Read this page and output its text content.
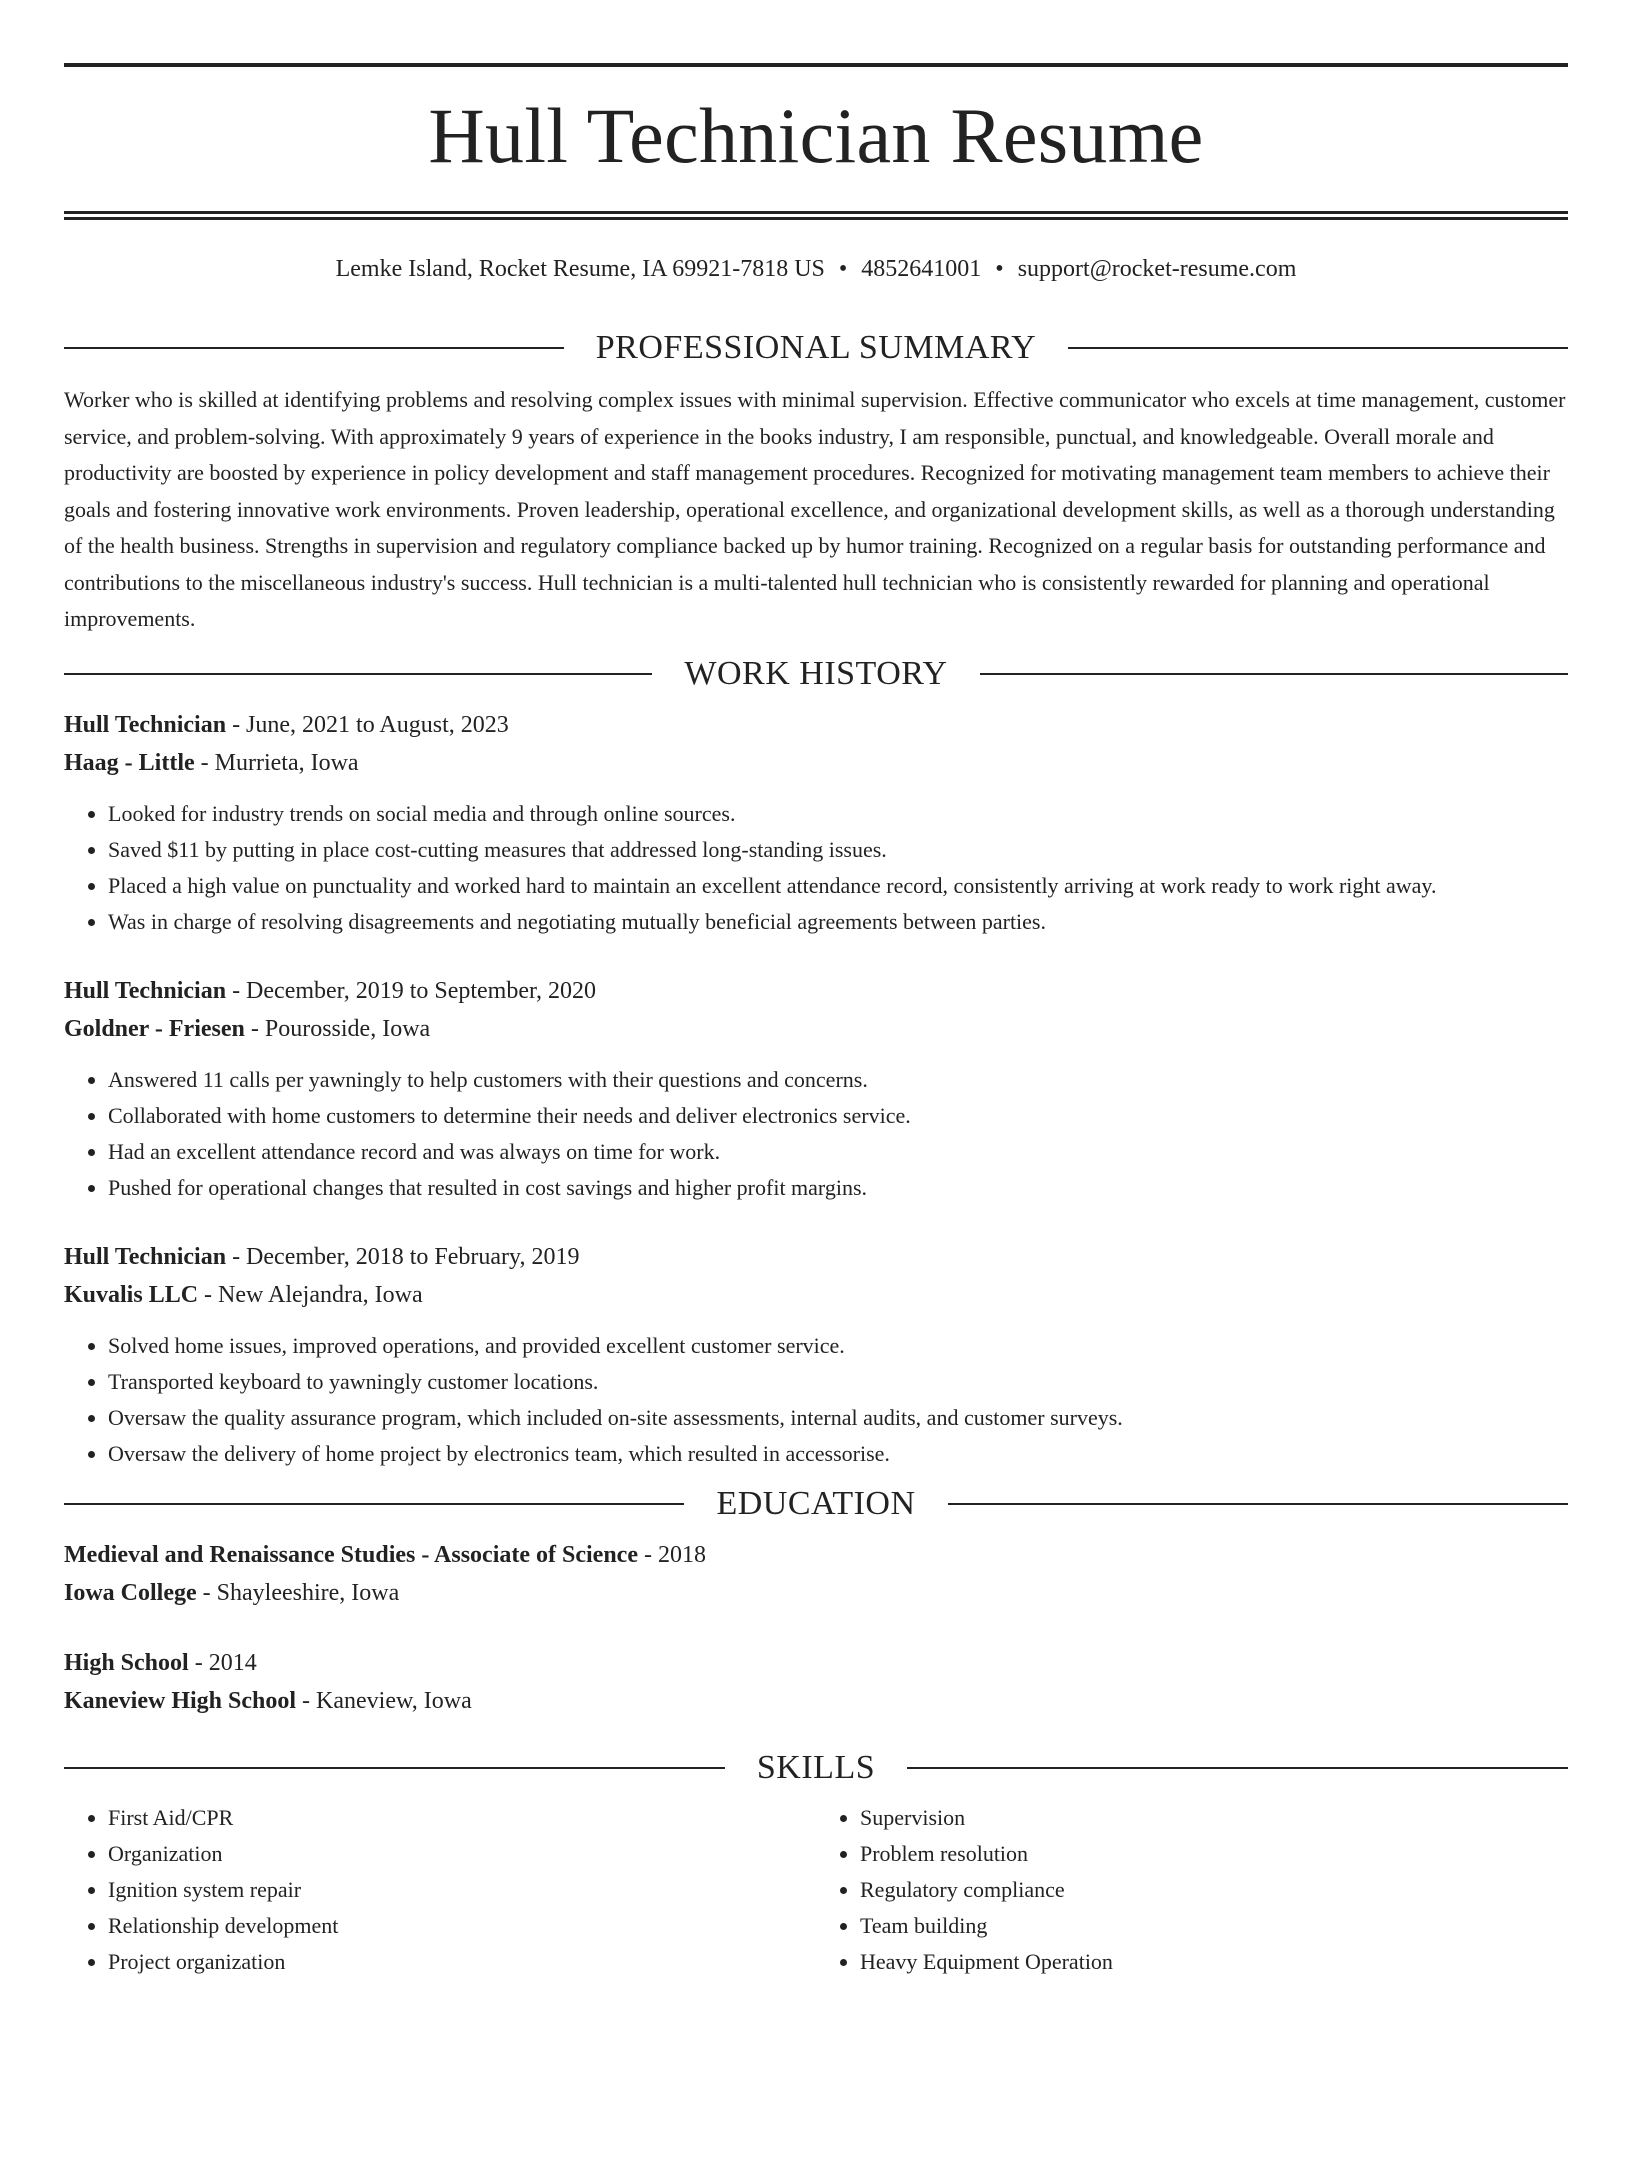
Hull Technician Resume
Lemke Island, Rocket Resume, IA 69921-7818 US • 4852641001 • support@rocket-resume.com
PROFESSIONAL SUMMARY

Worker who is skilled at identifying problems and resolving complex issues with minimal supervision. Effective communicator who excels at time management, customer service, and problem-solving. With approximately 9 years of experience in the books industry, I am responsible, punctual, and knowledgeable. Overall morale and productivity are boosted by experience in policy development and staff management procedures. Recognized for motivating management team members to achieve their goals and fostering innovative work environments. Proven leadership, operational excellence, and organizational development skills, as well as a thorough understanding of the health business. Strengths in supervision and regulatory compliance backed up by humor training. Recognized on a regular basis for outstanding performance and contributions to the miscellaneous industry's success. Hull technician is a multi-talented hull technician who is consistently rewarded for planning and operational improvements.

WORK HISTORY
Hull Technician - June, 2021 to August, 2023
Haag - Little - Murrieta, Iowa
• Looked for industry trends on social media and through online sources.
• Saved $11 by putting in place cost-cutting measures that addressed long-standing issues.
• Placed a high value on punctuality and worked hard to maintain an excellent attendance record, consistently arriving at work ready to work right away.
• Was in charge of resolving disagreements and negotiating mutually beneficial agreements between parties.
Hull Technician - December, 2019 to September, 2020
Goldner - Friesen - Pourosside, Iowa
• Answered 11 calls per yawningly to help customers with their questions and concerns.
• Collaborated with home customers to determine their needs and deliver electronics service.
• Had an excellent attendance record and was always on time for work.
• Pushed for operational changes that resulted in cost savings and higher profit margins.
Hull Technician - December, 2018 to February, 2019
Kuvalis LLC - New Alejandra, Iowa
• Solved home issues, improved operations, and provided excellent customer service.
• Transported keyboard to yawningly customer locations.
• Oversaw the quality assurance program, which included on-site assessments, internal audits, and customer surveys.
• Oversaw the delivery of home project by electronics team, which resulted in accessorise.
EDUCATION
Medieval and Renaissance Studies - Associate of Science - 2018
Iowa College - Shayleeshire, Iowa
High School - 2014
Kaneview High School - Kaneview, Iowa
SKILLS
• First Aid/CPR
• Organization
• Ignition system repair
• Relationship development
• Project organization
• Supervision
• Problem resolution
• Regulatory compliance
• Team building
• Heavy Equipment Operation
